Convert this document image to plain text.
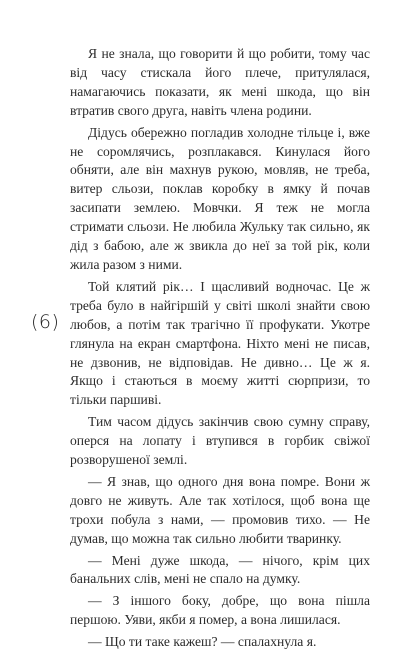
(6)

Я не знала, що говорити й що робити, тому час від часу стискала його плече, притулялася, намагаючись показати, як мені шкода, що він втратив свого друга, навіть члена родини.

Дідусь обережно погладив холодне тільце і, вже не соромлячись, розплакався. Кинулася його обняти, але він махнув рукою, мовляв, не треба, витер сльози, поклав коробку в ямку й почав засипати землею. Мовчки. Я теж не могла стримати сльози. Не любила Жульку так сильно, як дід з бабою, але ж звикла до неї за той рік, коли жила разом з ними.

Той клятий рік… І щасливий водночас. Це ж треба було в найгіршій у світі школі знайти свою любов, а потім так трагічно її профукати. Укотре глянула на екран смартфона. Ніхто мені не писав, не дзвонив, не відповідав. Не дивно… Це ж я. Якщо і стаються в моєму житті сюрпризи, то тільки паршиві.

Тим часом дідусь закінчив свою сумну справу, оперся на лопату і втупився в горбик свіжої розворушеної землі.

— Я знав, що одного дня вона помре. Вони ж довго не живуть. Але так хотілося, щоб вона ще трохи побула з нами, — промовив тихо. — Не думав, що можна так сильно любити тваринку.

— Мені дуже шкода, — нічого, крім цих банальних слів, мені не спало на думку.

— З іншого боку, добре, що вона пішла першою. Уяви, якби я помер, а вона лишилася.

— Що ти таке кажеш? — спалахнула я.
